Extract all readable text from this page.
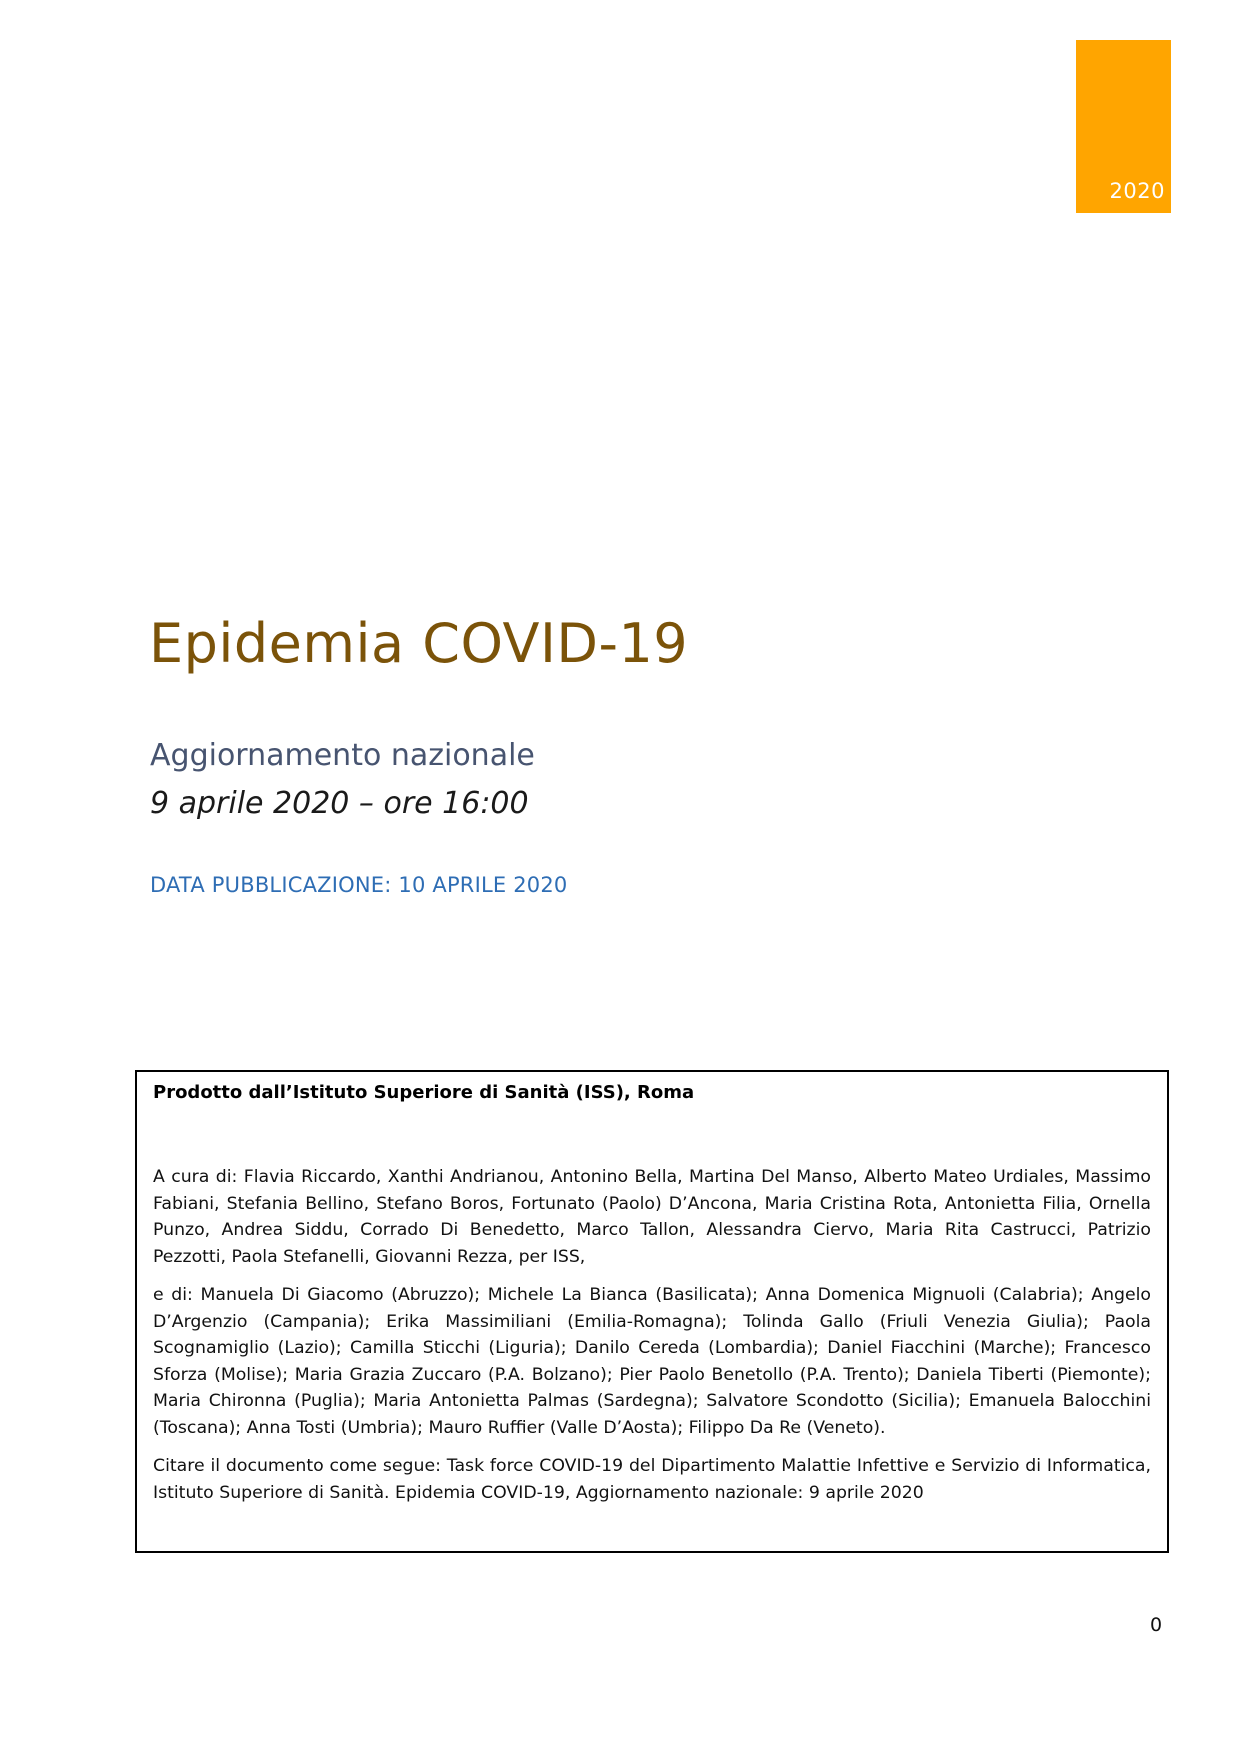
2020
Epidemia COVID-19
Aggiornamento nazionale

9 aprile 2020 – ore 16:00

DATA PUBBLICAZIONE: 10 APRILE 2020

Prodotto dall’Istituto Superiore di Sanità (ISS), Roma

A cura di: Flavia Riccardo, Xanthi Andrianou, Antonino Bella, Martina Del Manso, Alberto Mateo Urdiales, Massimo Fabiani, Stefania Bellino, Stefano Boros, Fortunato (Paolo) D’Ancona, Maria Cristina Rota, Antonietta Filia, Ornella Punzo, Andrea Siddu, Corrado Di Benedetto, Marco Tallon, Alessandra Ciervo, Maria Rita Castrucci, Patrizio Pezzotti, Paola Stefanelli, Giovanni Rezza, per ISS,

e di: Manuela Di Giacomo (Abruzzo); Michele La Bianca (Basilicata); Anna Domenica Mignuoli (Calabria); Angelo D’Argenzio (Campania); Erika Massimiliani (Emilia-Romagna); Tolinda Gallo (Friuli Venezia Giulia); Paola Scognamiglio (Lazio); Camilla Sticchi (Liguria); Danilo Cereda (Lombardia); Daniel Fiacchini (Marche); Francesco Sforza (Molise); Maria Grazia Zuccaro (P.A. Bolzano); Pier Paolo Benetollo (P.A. Trento); Daniela Tiberti (Piemonte); Maria Chironna (Puglia); Maria Antonietta Palmas (Sardegna); Salvatore Scondotto (Sicilia); Emanuela Balocchini (Toscana); Anna Tosti (Umbria); Mauro Ruffier (Valle D’Aosta); Filippo Da Re (Veneto).

Citare il documento come segue: Task force COVID-19 del Dipartimento Malattie Infettive e Servizio di Informatica, Istituto Superiore di Sanità. Epidemia COVID-19, Aggiornamento nazionale: 9 aprile 2020

0
